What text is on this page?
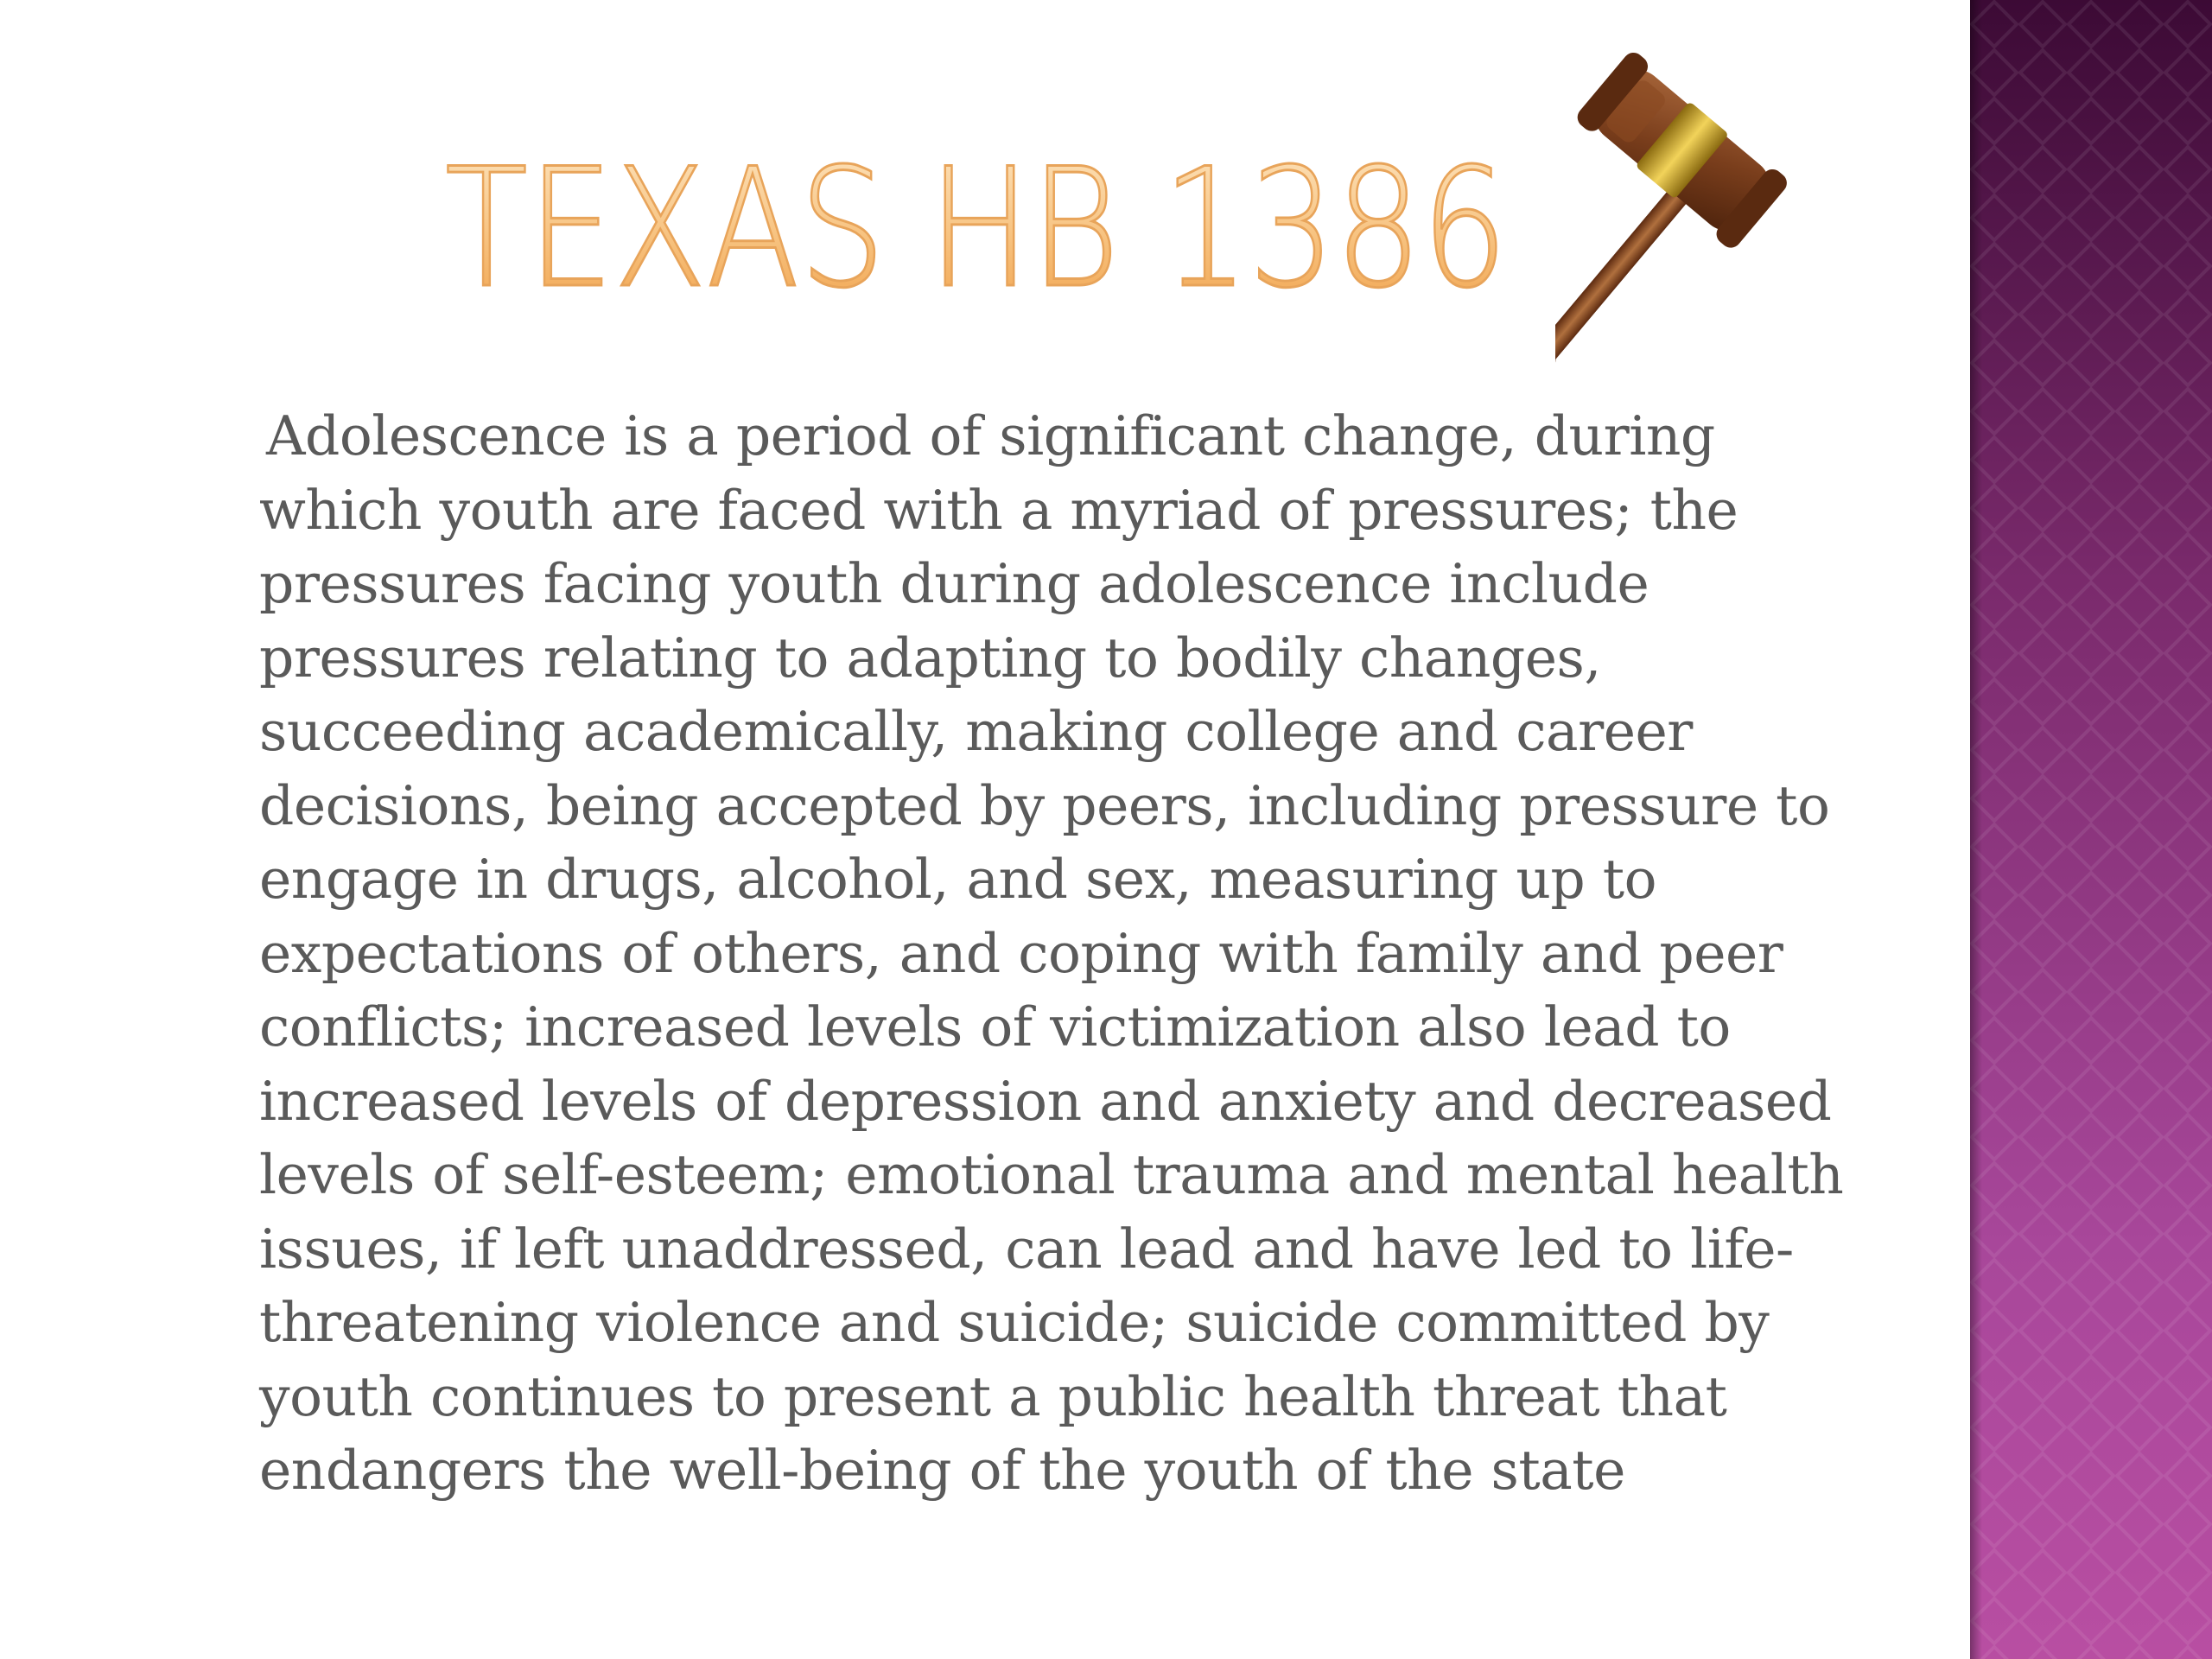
TEXAS HB 1386

Adolescence is a period of significant change, during which youth are faced with a myriad of pressures; the pressures facing youth during adolescence include pressures relating to adapting to bodily changes, succeeding academically, making college and career decisions, being accepted by peers, including pressure to engage in drugs, alcohol, and sex, measuring up to expectations of others, and coping with family and peer conflicts; increased levels of victimization also lead to increased levels of depression and anxiety and decreased levels of self-esteem; emotional trauma and mental health issues, if left unaddressed, can lead and have led to life-threatening violence and suicide; suicide committed by youth continues to present a public health threat that endangers the well-being of the youth of the state
